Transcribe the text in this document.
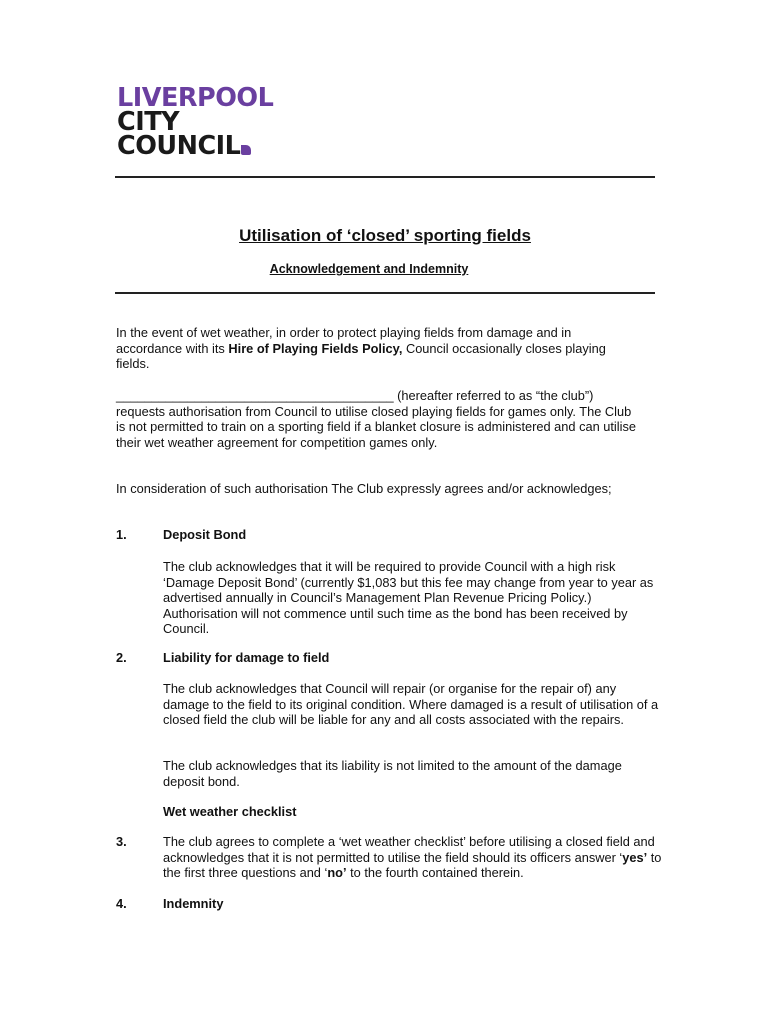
LIVERPOOL
CITY
COUNCIL
Utilisation of ‘closed’ sporting fields
Acknowledgement and Indemnity

In the event of wet weather, in order to protect playing fields from damage and in accordance with its Hire of Playing Fields Policy, Council occasionally closes playing fields.

_______________________________________ (hereafter referred to as “the club”) requests authorisation from Council to utilise closed playing fields for games only. The Club is not permitted to train on a sporting field if a blanket closure is administered and can utilise their wet weather agreement for competition games only.

In consideration of such authorisation The Club expressly agrees and/or acknowledges;

1.	Deposit Bond

The club acknowledges that it will be required to provide Council with a high risk ‘Damage Deposit Bond’ (currently $1,083 but this fee may change from year to year as advertised annually in Council’s Management Plan Revenue Pricing Policy.) Authorisation will not commence until such time as the bond has been received by Council.

2.	Liability for damage to field

The club acknowledges that Council will repair (or organise for the repair of) any damage to the field to its original condition. Where damaged is a result of utilisation of a closed field the club will be liable for any and all costs associated with the repairs.

The club acknowledges that its liability is not limited to the amount of the damage deposit bond.

Wet weather checklist
3.	The club agrees to complete a ‘wet weather checklist’ before utilising a closed field and acknowledges that it is not permitted to utilise the field should its officers answer ‘yes’ to the first three questions and ‘no’ to the fourth contained therein.

4.	Indemnity
